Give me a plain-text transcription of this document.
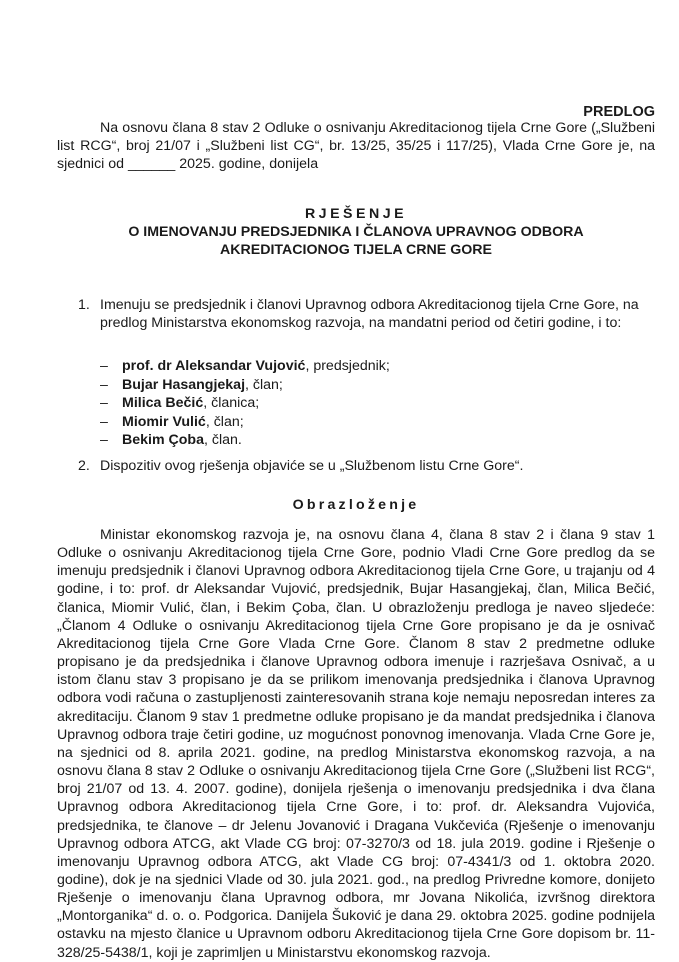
PREDLOG

Na osnovu člana 8 stav 2 Odluke o osnivanju Akreditacionog tijela Crne Gore („Službeni list RCG“, broj 21/07 i „Službeni list CG“, br. 13/25, 35/25 i 117/25), Vlada Crne Gore je, na sjednici od ______ 2025. godine, donijela

RJEŠENJE
O IMENOVANJU PREDSJEDNIKA I ČLANOVA UPRAVNOG ODBORA
AKREDITACIONOG TIJELA CRNE GORE
1. Imenuju se predsjednik i članovi Upravnog odbora Akreditacionog tijela Crne Gore, na predlog Ministarstva ekonomskog razvoja, na mandatni period od četiri godine, i to:
– prof. dr Aleksandar Vujović, predsjednik;
– Bujar Hasangjekaj, član;
– Milica Bečić, članica;
– Miomir Vulić, član;
– Bekim Çoba, član.
2. Dispozitiv ovog rješenja objaviće se u „Službenom listu Crne Gore“.
Obrazloženje

Ministar ekonomskog razvoja je, na osnovu člana 4, člana 8 stav 2 i člana 9 stav 1 Odluke o osnivanju Akreditacionog tijela Crne Gore, podnio Vladi Crne Gore predlog da se imenuju predsjednik i članovi Upravnog odbora Akreditacionog tijela Crne Gore, u trajanju od 4 godine, i to: prof. dr Aleksandar Vujović, predsjednik, Bujar Hasangjekaj, član, Milica Bečić, članica, Miomir Vulić, član, i Bekim Çoba, član. U obrazloženju predloga je naveo sljedeće: „Članom 4 Odluke o osnivanju Akreditacionog tijela Crne Gore propisano je da je osnivač Akreditacionog tijela Crne Gore Vlada Crne Gore. Članom 8 stav 2 predmetne odluke propisano je da predsjednika i članove Upravnog odbora imenuje i razrješava Osnivač, a u istom članu stav 3 propisano je da se prilikom imenovanja predsjednika i članova Upravnog odbora vodi računa o zastupljenosti zainteresovanih strana koje nemaju neposredan interes za akreditaciju. Članom 9 stav 1 predmetne odluke propisano je da mandat predsjednika i članova Upravnog odbora traje četiri godine, uz mogućnost ponovnog imenovanja. Vlada Crne Gore je, na sjednici od 8. aprila 2021. godine, na predlog Ministarstva ekonomskog razvoja, a na osnovu člana 8 stav 2 Odluke o osnivanju Akreditacionog tijela Crne Gore („Službeni list RCG“, broj 21/07 od 13. 4. 2007. godine), donijela rješenja o imenovanju predsjednika i dva člana Upravnog odbora Akreditacionog tijela Crne Gore, i to: prof. dr. Aleksandra Vujovića, predsjednika, te članove – dr Jelenu Jovanović i Dragana Vukčevića (Rješenje o imenovanju Upravnog odbora ATCG, akt Vlade CG broj: 07-3270/3 od 18. jula 2019. godine i Rješenje o imenovanju Upravnog odbora ATCG, akt Vlade CG broj: 07-4341/3 od 1. oktobra 2020. godine), dok je na sjednici Vlade od 30. jula 2021. god., na predlog Privredne komore, donijeto Rješenje o imenovanju člana Upravnog odbora, mr Jovana Nikolića, izvršnog direktora „Montorganika“ d. o. o. Podgorica. Danijela Šuković je dana 29. oktobra 2025. godine podnijela ostavku na mjesto članice u Upravnom odboru Akreditacionog tijela Crne Gore dopisom br. 11-328/25-5438/1, koji je zaprimljen u Ministarstvu ekonomskog razvoja.
